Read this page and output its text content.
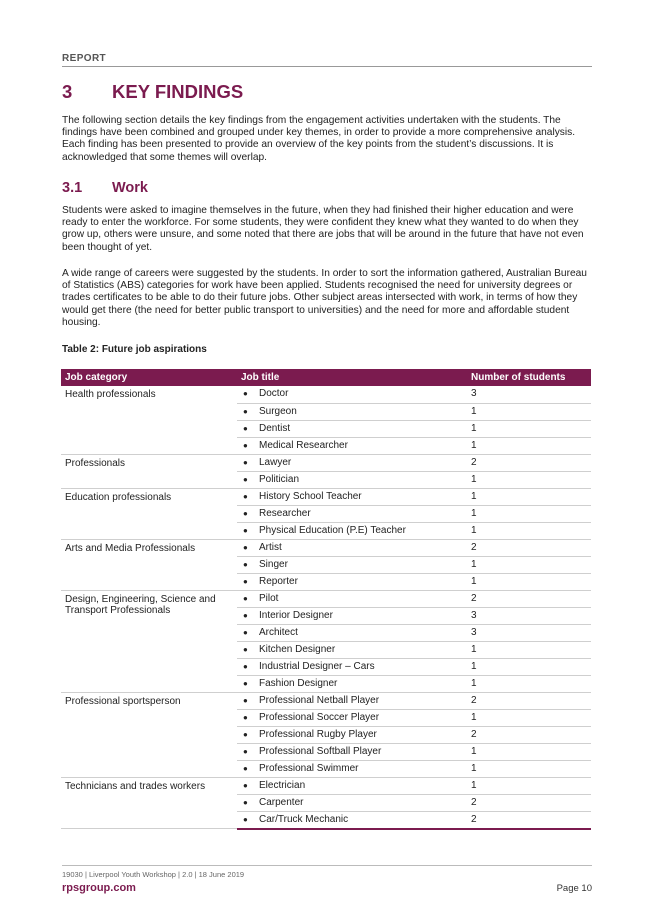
REPORT
3 KEY FINDINGS

The following section details the key findings from the engagement activities undertaken with the students. The findings have been combined and grouped under key themes, in order to provide a more comprehensive analysis. Each finding has been presented to provide an overview of the key points from the student’s discussions. It is acknowledged that some themes will overlap.

3.1 Work

Students were asked to imagine themselves in the future, when they had finished their higher education and were ready to enter the workforce. For some students, they were confident they knew what they wanted to do when they grow up, others were unsure, and some noted that there are jobs that will be around in the future that have not even been thought of yet.

A wide range of careers were suggested by the students. In order to sort the information gathered, Australian Bureau of Statistics (ABS) categories for work have been applied. Students recognised the need for university degrees or trades certificates to be able to do their future jobs. Other subject areas intersected with work, in terms of how they would get there (the need for better public transport to universities) and the need for more and affordable student housing.

Table 2: Future job aspirations
Job category	Job title	Number of students
Health professionals	● Doctor	3
	● Surgeon	1
	● Dentist	1
	● Medical Researcher	1
Professionals	● Lawyer	2
	● Politician	1
Education professionals	● History School Teacher	1
	● Researcher	1
	● Physical Education (P.E) Teacher	1
Arts and Media Professionals	● Artist	2
	● Singer	1
	● Reporter	1
Design, Engineering, Science and Transport Professionals	● Pilot	2
	● Interior Designer	3
	● Architect	3
	● Kitchen Designer	1
	● Industrial Designer – Cars	1
	● Fashion Designer	1
Professional sportsperson	● Professional Netball Player	2
	● Professional Soccer Player	1
	● Professional Rugby Player	2
	● Professional Softball Player	1
	● Professional Swimmer	1
Technicians and trades workers	● Electrician	1
	● Carpenter	2
	● Car/Truck Mechanic	2
19030 | Liverpool Youth Workshop | 2.0 | 18 June 2019
rpsgroup.com	Page 10
